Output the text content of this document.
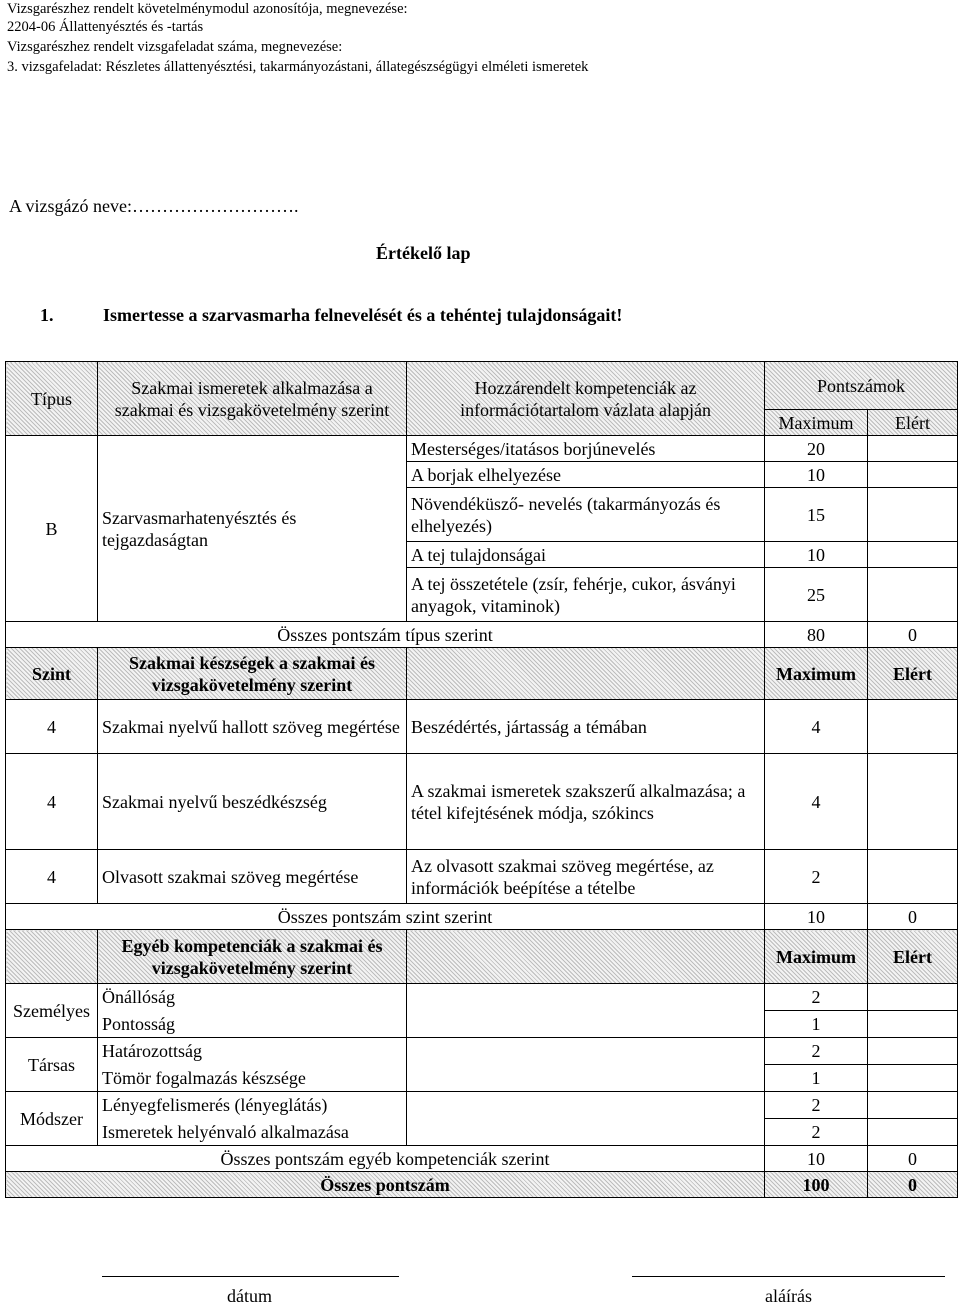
Vizsgarészhez rendelt követelménymodul azonosítója, megnevezése:
2204-06 Állattenyésztés és -tartás
Vizsgarészhez rendelt vizsgafeladat száma, megnevezése:
3. vizsgafeladat: Részletes állattenyésztési, takarmányozástani, állategészségügyi elméleti ismeretek
A vizsgázó neve:……………………….
Értékelő lap
1.	Ismertesse a szarvasmarha felnevelését és a tehéntej tulajdonságait!
Típus	Szakmai ismeretek alkalmazása a szakmai és vizsgakövetelmény szerint	Hozzárendelt kompetenciák az információtartalom vázlata alapján	Pontszámok	
			Maximum	Elért
B	Szarvasmarhatenyésztés és tejgazdaságtan	Mesterséges/itatásos borjúnevelés	20	
		A borjak elhelyezése	10	
		Növendéküsző- nevelés (takarmányozás és elhelyezés)	15	
		A tej tulajdonságai	10	
		A tej összetétele (zsír, fehérje, cukor, ásványi anyagok, vitaminok)	25	
Összes pontszám típus szerint			80	0
Szint	Szakmai készségek a szakmai és vizsgakövetelmény szerint		Maximum	Elért
4	Szakmai nyelvű hallott szöveg megértése	Beszédértés, jártasság a témában	4	
4	Szakmai nyelvű beszédkészség	A szakmai ismeretek szakszerű alkalmazása; a tétel kifejtésének módja, szókincs	4	
4	Olvasott szakmai szöveg megértése	Az olvasott szakmai szöveg megértése, az információk beépítése a tételbe	2	
Összes pontszám szint szerint			10	0
	Egyéb kompetenciák a szakmai és vizsgakövetelmény szerint		Maximum	Elért
Személyes	Önállóság		2	
	Pontosság		1	
Társas	Határozottság		2	
	Tömör fogalmazás készsége		1	
Módszer	Lényegfelismerés (lényeglátás)		2	
	Ismeretek helyénvaló alkalmazása		2	
Összes pontszám egyéb kompetenciák szerint			10	0
Összes pontszám			100	0
dátum	aláírás
